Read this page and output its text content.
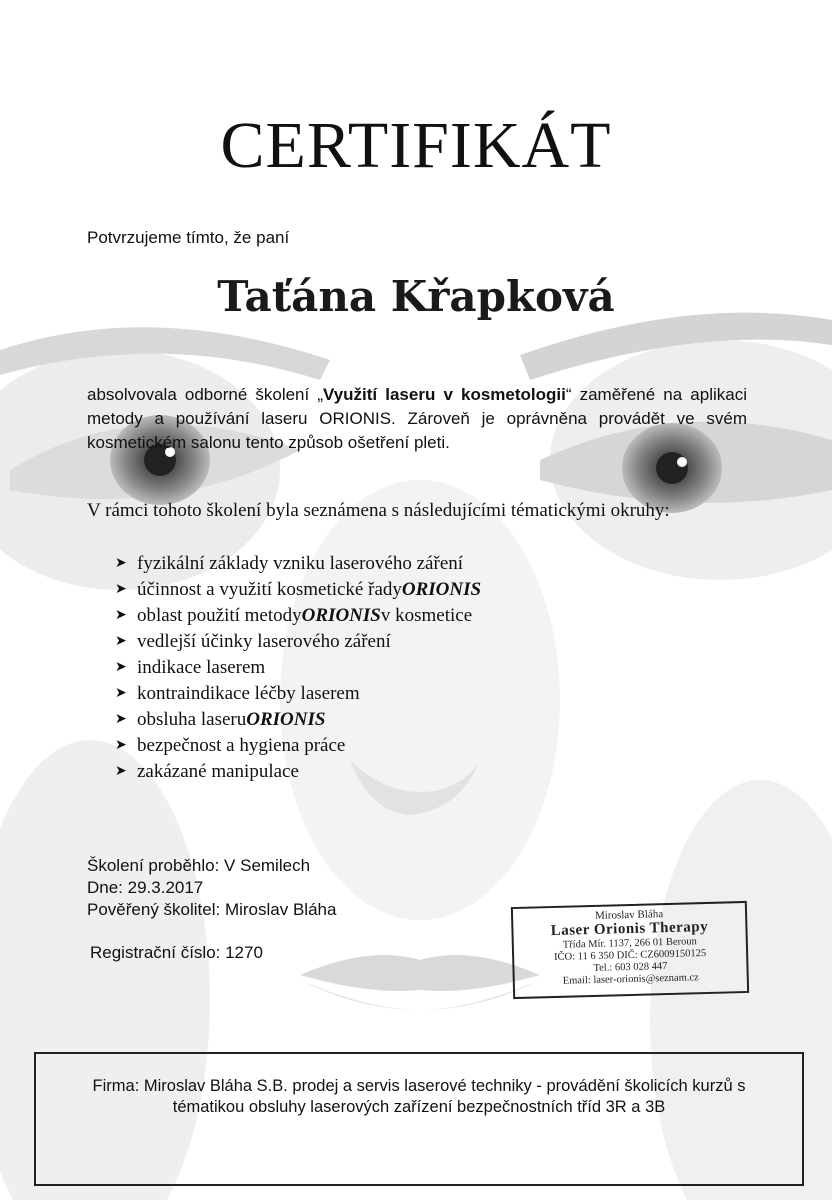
CERTIFIKÁT
Potvrzujeme tímto, že paní
Taťána Křapková
absolvovala odborné školení „Využití laseru v kosmetologii“ zaměřené na aplikaci metody a používání laseru ORIONIS. Zároveň je oprávněna provádět ve svém kosmetickém salonu tento způsob ošetření pleti.
V rámci tohoto školení byla seznámena s následujícími tématickými okruhy:
➤ fyzikální základy vzniku laserového záření
➤ účinnost a využití kosmetické řady ORIONIS
➤ oblast použití metody ORIONIS v kosmetice
➤ vedlejší účinky laserového záření
➤ indikace laserem
➤ kontraindikace léčby laserem
➤ obsluha laseru ORIONIS
➤ bezpečnost a hygiena práce
➤ zakázané manipulace
Školení proběhlo: V Semilech
Dne: 29.3.2017
Pověřený školitel: Miroslav Bláha
Registrační číslo: 1270
Miroslav Bláha
Laser Orionis Therapy
Třída Mír. 1137, 266 01 Beroun
IČO: 11 6 350 DIČ: CZ6009150125
Tel.: 603 028 447
Email: laser-orionis@seznam.cz
Firma: Miroslav Bláha S.B. prodej a servis laserové techniky - provádění školicích kurzů s
tématikou obsluhy laserových zařízení bezpečnostních tříd 3R a 3B
